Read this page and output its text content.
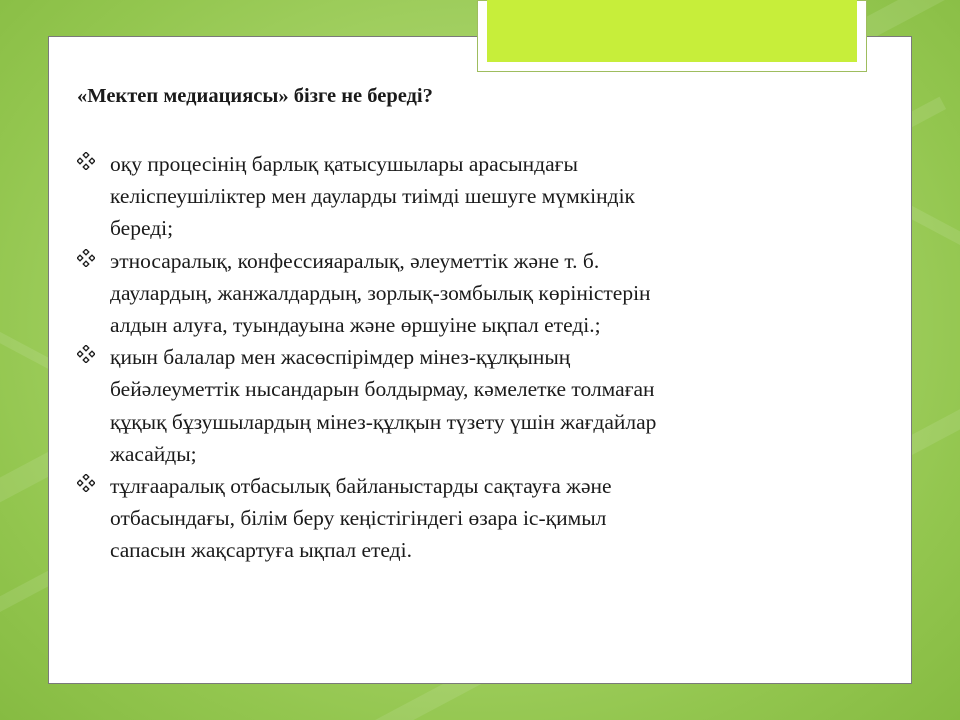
«Мектеп медиациясы» бізге не береді?
оқу процесінің барлық қатысушылары арасындағы
келіспеушіліктер мен дауларды тиімді шешуге мүмкіндік
береді;
этносаралық, конфессияаралық, әлеуметтік және т. б.
даулардың, жанжалдардың, зорлық-зомбылық көріністерін
алдын алуға, туындауына және өршуіне ықпал етеді.;
қиын балалар мен жасөспірімдер мінез-құлқының
бейәлеуметтік нысандарын болдырмау, кәмелетке толмаған
құқық бұзушылардың мінез-құлқын түзету үшін жағдайлар
жасайды;
тұлғааралық отбасылық байланыстарды сақтауға және
отбасындағы, білім беру кеңістігіндегі өзара іс-қимыл
сапасын жақсартуға ықпал етеді.
